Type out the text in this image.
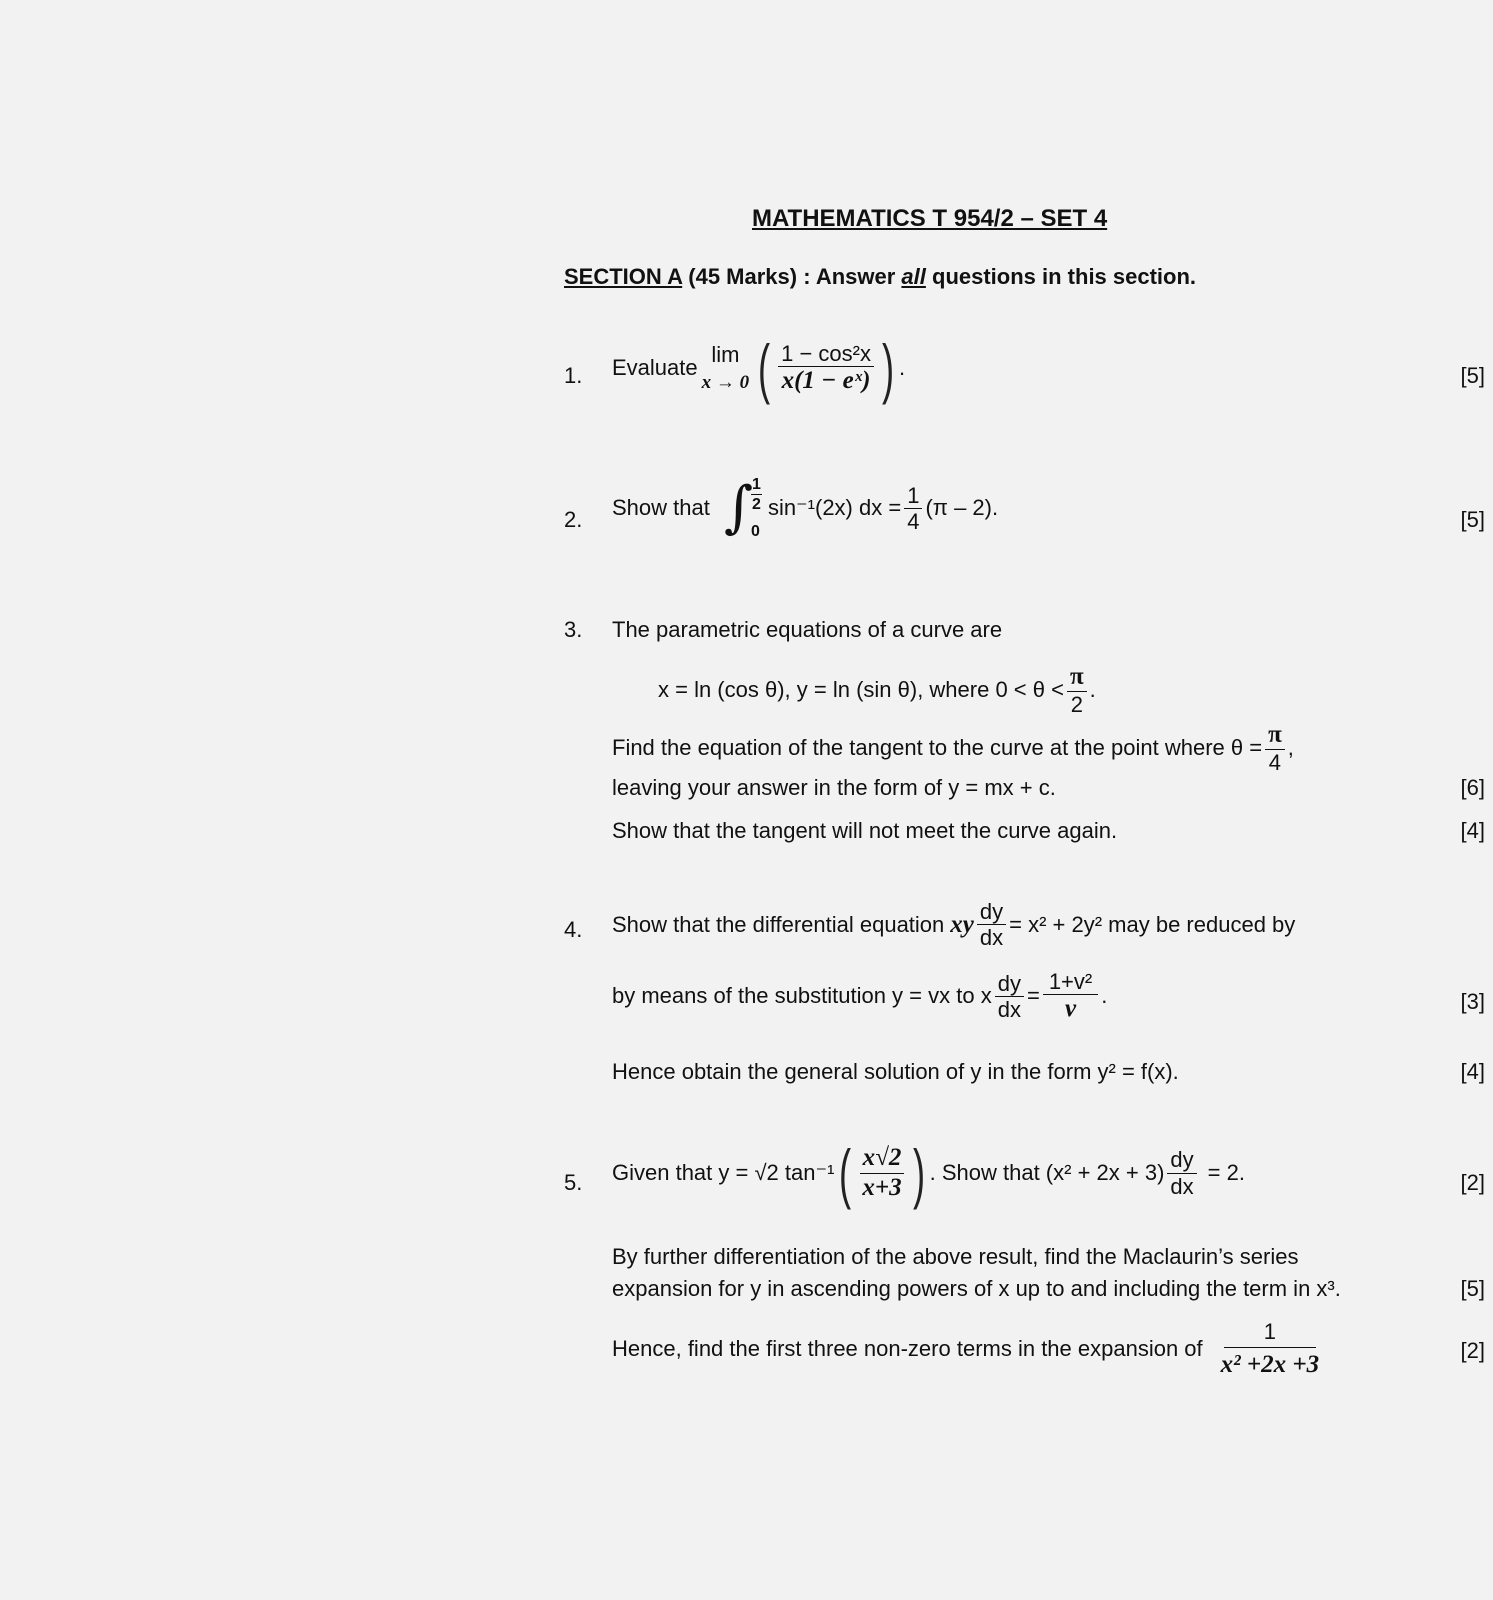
MATHEMATICS T 954/2 – SET 4
SECTION A (45 Marks) : Answer all questions in this section.
1. Evaluate
lim
x → 0 ( $\frac{\text{1 − cos²x}}{\text{x(1 − eˣ)}}$ ) .	[5]
2. Show that ∫
$\frac{1}{2}$
0
sin⁻¹(2x) dx = $\frac{1}{4} (\pi - 2)$.	[5]
3. The parametric equations of a curve are
x = ln (cos θ), y = ln (sin θ), where $0 < \theta < \frac{\pi}{2}$ .
Find the equation of the tangent to the curve at the point where $\theta = \frac{\pi}{4}$ ,
leaving your answer in the form of y = mx + c.	[6]
Show that the tangent will not meet the curve again.	[4]
4. Show that the differential equation xy $\frac{dy}{dx} = x^2 + 2y^2$ may be reduced by
by means of the substitution y = vx to x $\frac{dy}{dx} = \frac{\text{1+v²}}{v}$ .	[3]
Hence obtain the general solution of y in the form y² = f(x).	[4]
5. Given that y = √2 tan⁻¹ ( $\frac{x√2}{x+3}$ ) . Show that $(x^2 + 2x + 3) \frac{dy}{dx} = 2$.	[2]
By further differentiation of the above result, find the Maclaurin’s series
expansion for y in ascending powers of x up to and including the term in x³.	[5]
Hence, find the first three non-zero terms in the expansion of $\frac{1}{\text{x² +2x +3}}$	[2]
